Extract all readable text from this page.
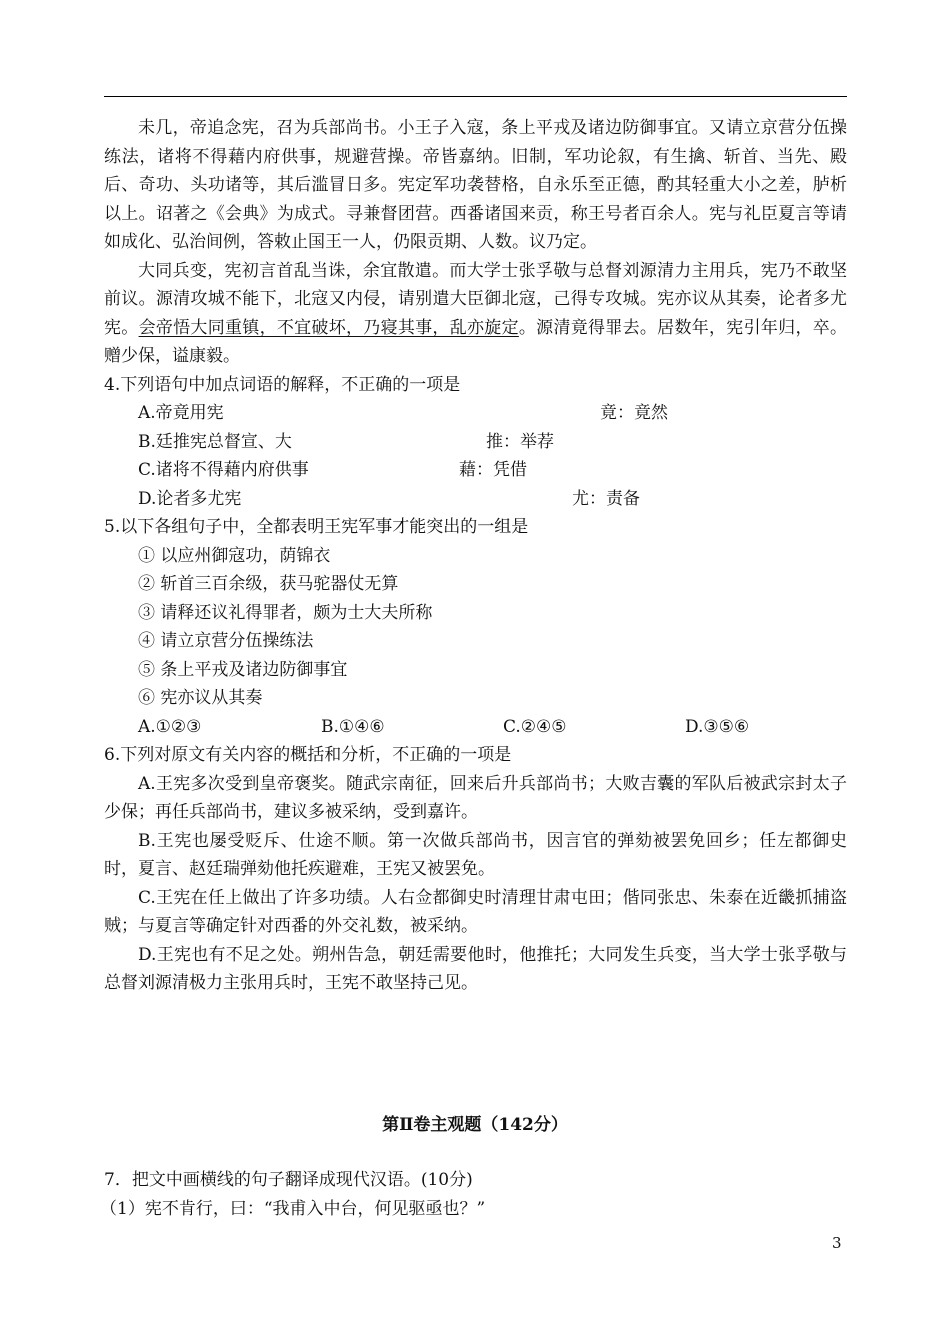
未几，帝追念宪，召为兵部尚书。小王子入寇，条上平戎及诸边防御事宜。又请立京营分伍操练法，诸将不得藉内府供事，规避营操。帝皆嘉纳。旧制，军功论叙，有生擒、斩首、当先、殿后、奇功、头功诸等，其后滥冒日多。宪定军功袭替格，自永乐至正德，酌其轻重大小之差，胪析以上。诏著之《会典》为成式。寻兼督团营。西番诸国来贡，称王号者百余人。宪与礼臣夏言等请如成化、弘治间例，答敕止国王一人，仍限贡期、人数。议乃定。

大同兵变，宪初言首乱当诛，余宜散遣。而大学士张孚敬与总督刘源清力主用兵，宪乃不敢坚前议。源清攻城不能下，北寇又内侵，请别遣大臣御北寇，己得专攻城。宪亦议从其奏，论者多尤宪。会帝悟大同重镇，不宜破坏，乃寝其事，乱亦旋定。源清竟得罪去。居数年，宪引年归，卒。赠少保，谥康毅。

4.下列语句中加点词语的解释，不正确的一项是

A.帝竟用宪	竟：竟然
B.廷推宪总督宣、大	推：举荐
C.诸将不得藉内府供事	藉：凭借
D.论者多尤宪	尤：责备

5.以下各组句子中，全都表明王宪军事才能突出的一组是

① 以应州御寇功，荫锦衣
② 斩首三百余级，获马驼器仗无算
③ 请释还议礼得罪者，颇为士大夫所称
④ 请立京营分伍操练法
⑤ 条上平戎及诸边防御事宜
⑥ 宪亦议从其奏
A.①②③	B.①④⑥	C.②④⑤	D.③⑤⑥

6.下列对原文有关内容的概括和分析，不正确的一项是

A.王宪多次受到皇帝褒奖。随武宗南征，回来后升兵部尚书；大败吉囊的军队后被武宗封太子少保；再任兵部尚书，建议多被采纳，受到嘉许。

B.王宪也屡受贬斥、仕途不顺。第一次做兵部尚书，因言官的弹劾被罢免回乡；任左都御史时，夏言、赵廷瑞弹劾他托疾避难，王宪又被罢免。

C.王宪在任上做出了许多功绩。人右佥都御史时清理甘肃屯田；偕同张忠、朱泰在近畿抓捕盗贼；与夏言等确定针对西番的外交礼数，被采纳。

D.王宪也有不足之处。朔州告急，朝廷需要他时，他推托；大同发生兵变，当大学士张孚敬与总督刘源清极力主张用兵时，王宪不敢坚持己见。

第Ⅱ卷主观题（142分）

7．把文中画横线的句子翻译成现代汉语。(10分)

（1）宪不肯行，曰：“我甫入中台，何见驱亟也？”

3
